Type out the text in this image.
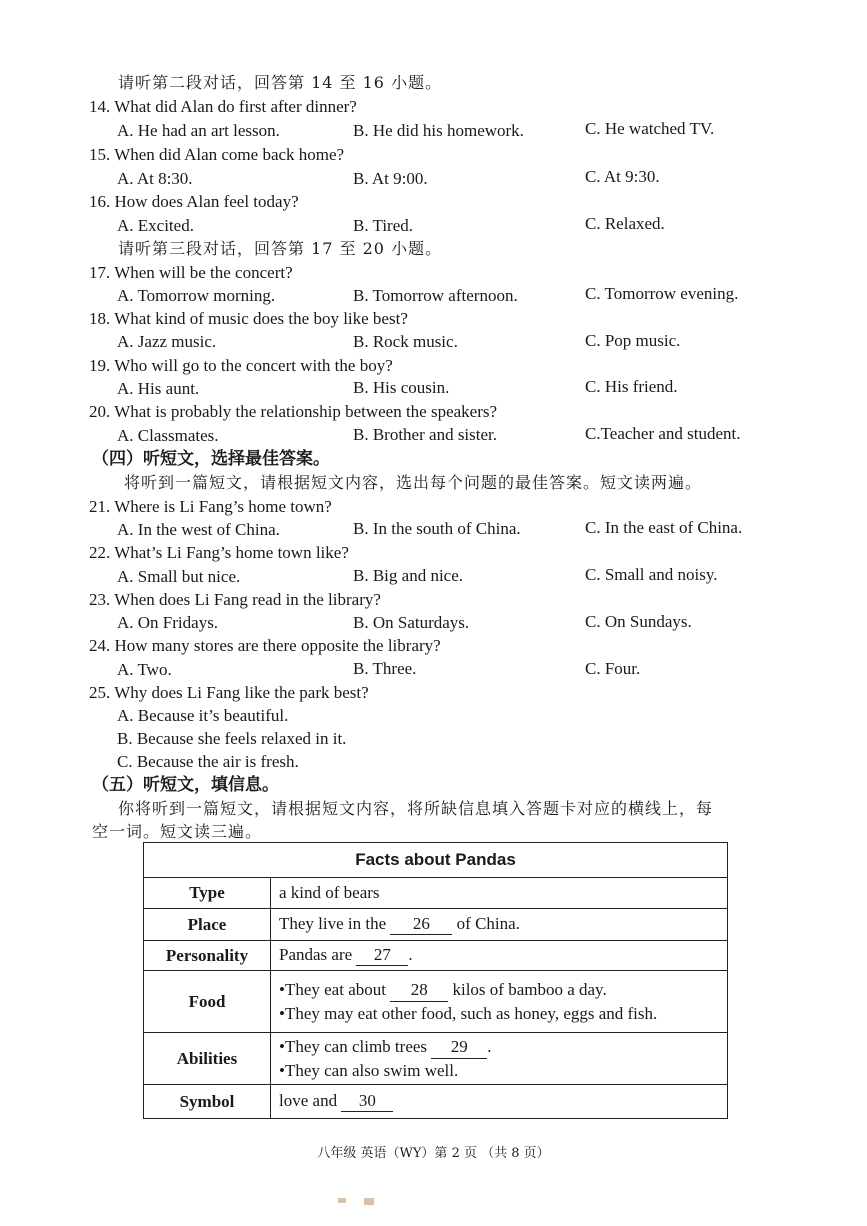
请听第二段对话，回答第 14 至 16 小题。
14. What did Alan do first after dinner?
A. He had an art lesson.	B. He did his homework.	C. He watched TV.
15. When did Alan come back home?
A. At 8:30.	B. At 9:00.	C. At 9:30.
16. How does Alan feel today?
A. Excited.	B. Tired.	C. Relaxed.
请听第三段对话，回答第 17 至 20 小题。
17. When will be the concert?
A. Tomorrow morning.	B. Tomorrow afternoon.	C. Tomorrow evening.
18. What kind of music does the boy like best?
A. Jazz music.	B. Rock music.	C. Pop music.
19. Who will go to the concert with the boy?
A. His aunt.	B. His cousin.	C. His friend.
20. What is probably the relationship between the speakers?
A. Classmates.	B. Brother and sister.	C.Teacher and student.
（四）听短文，选择最佳答案。
将听到一篇短文，请根据短文内容，选出每个问题的最佳答案。短文读两遍。
21. Where is Li Fang’s home town?
A. In the west of China.	B. In the south of China.	C. In the east of China.
22. What’s Li Fang’s home town like?
A. Small but nice.	B. Big and nice.	C. Small and noisy.
23. When does Li Fang read in the library?
A. On Fridays.	B. On Saturdays.	C. On Sundays.
24. How many stores are there opposite the library?
A. Two.	B. Three.	C. Four.
25. Why does Li Fang like the park best?
A. Because it’s beautiful.
B. Because she feels relaxed in it.
C. Because the air is fresh.
（五）听短文，填信息。
你将听到一篇短文，请根据短文内容，将所缺信息填入答题卡对应的横线上，每
空一词。短文读三遍。
Facts about Pandas	
Type	a kind of bears
Place	They live in the 26 of China.
Personality	Pandas are 27 .
Food	•They eat about 28 kilos of bamboo a day.
•They may eat other food, such as honey, eggs and fish.

Abilities	•They can climb trees 29 .
•They can also swim well.

Symbol	love and 30
八年级 英语（WY）第 2 页 （共 8 页）
